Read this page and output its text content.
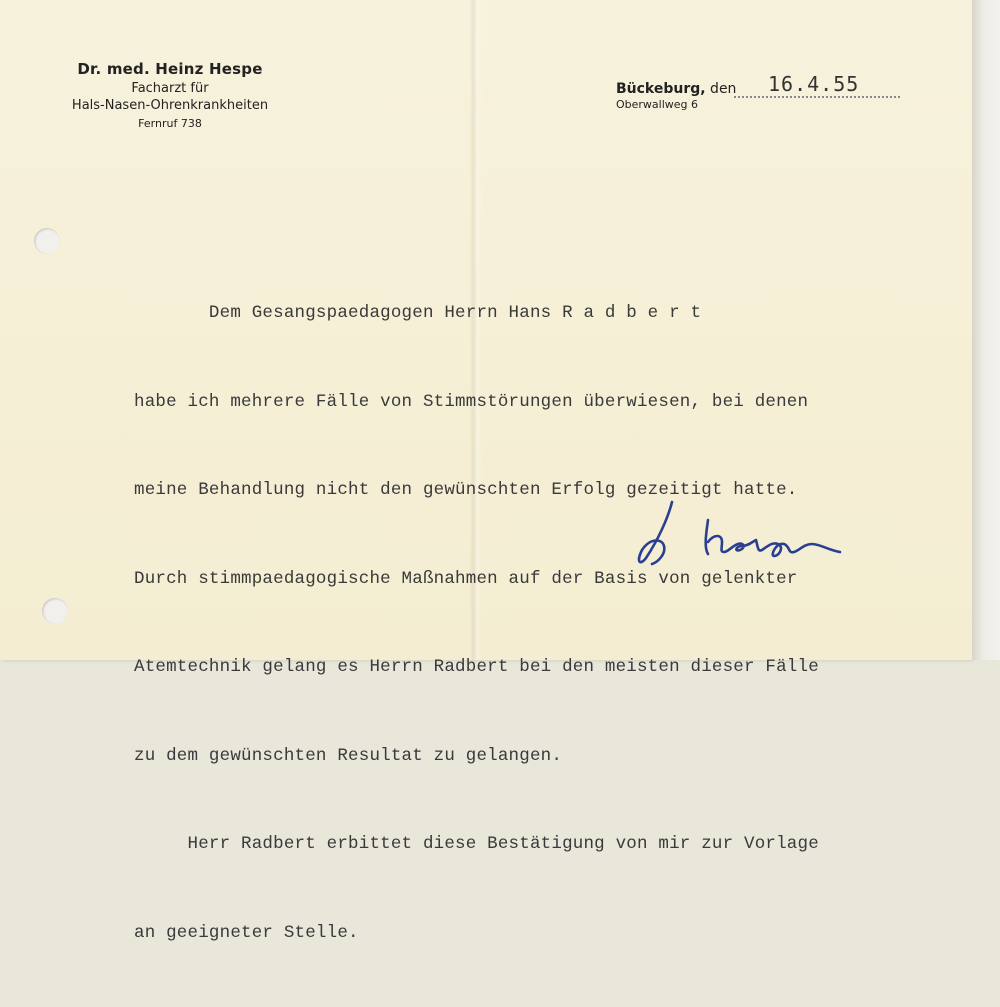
Dr. med. Heinz Hespe
Facharzt für
Hals-Nasen-Ohrenkrankheiten
Fernruf 738
Bückeburg, den 16.4.55
Oberwallweg 6

Dem Gesangspaedagogen Herrn Hans R a d b e r t

habe ich mehrere Fälle von Stimmstörungen überwiesen, bei denen

meine Behandlung nicht den gewünschten Erfolg gezeitigt hatte.

Durch stimmpaedagogische Maßnahmen auf der Basis von gelenkter

Atemtechnik gelang es Herrn Radbert bei den meisten dieser Fälle

zu dem gewünschten Resultat zu gelangen.

Herr Radbert erbittet diese Bestätigung von mir zur Vorlage

an geeigneter Stelle.
